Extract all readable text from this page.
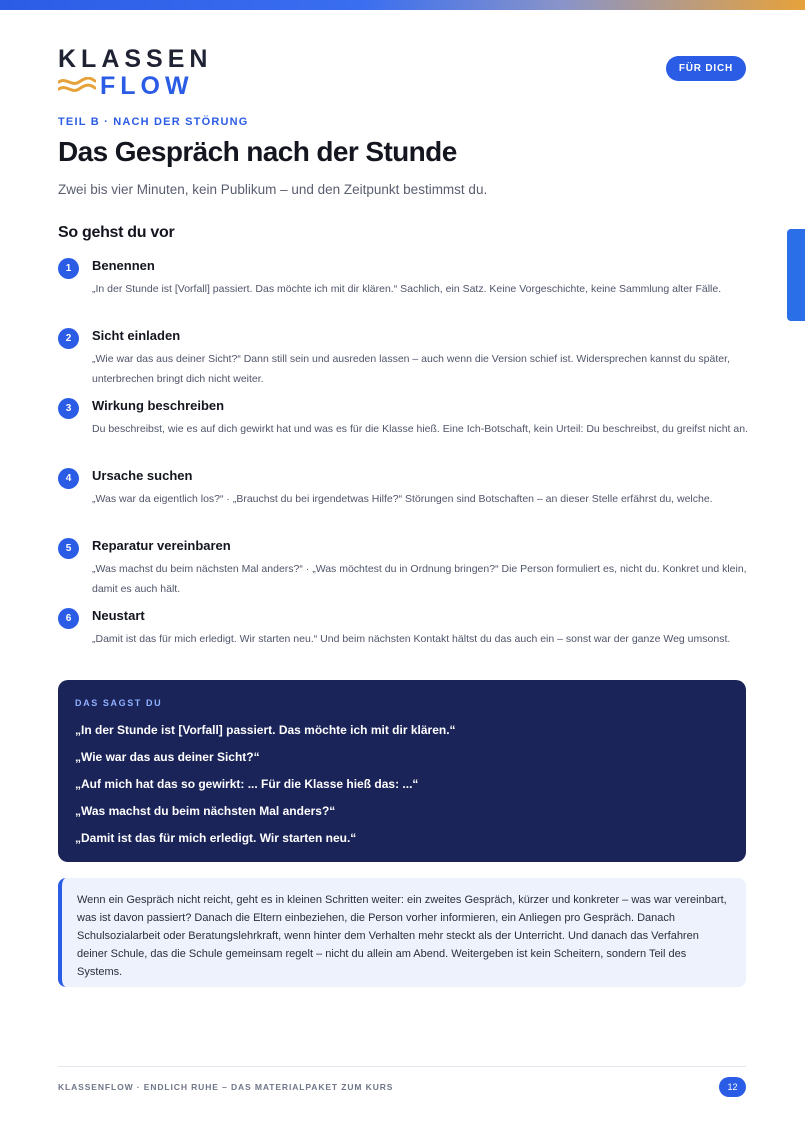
KLASSEN
FLOW
FÜR DICH
TEIL B · NACH DER STÖRUNG
Das Gespräch nach der Stunde

Zwei bis vier Minuten, kein Publikum – und den Zeitpunkt bestimmst du.

So gehst du vor
1	Benennen
„In der Stunde ist [Vorfall] passiert. Das möchte ich mit dir klären.“ Sachlich, ein Satz. Keine Vorgeschichte, keine Sammlung alter Fälle.
2	Sicht einladen
„Wie war das aus deiner Sicht?“ Dann still sein und ausreden lassen – auch wenn die Version schief ist. Widersprechen kannst du später, unterbrechen bringt dich nicht weiter.
3	Wirkung beschreiben
Du beschreibst, wie es auf dich gewirkt hat und was es für die Klasse hieß. Eine Ich-Botschaft, kein Urteil: Du beschreibst, du greifst nicht an.
4	Ursache suchen
„Was war da eigentlich los?“ · „Brauchst du bei irgendetwas Hilfe?“ Störungen sind Botschaften – an dieser Stelle erfährst du, welche.
5	Reparatur vereinbaren
„Was machst du beim nächsten Mal anders?“ · „Was möchtest du in Ordnung bringen?“ Die Person formuliert es, nicht du. Konkret und klein, damit es auch hält.
6	Neustart
„Damit ist das für mich erledigt. Wir starten neu.“ Und beim nächsten Kontakt hältst du das auch ein – sonst war der ganze Weg umsonst.
DAS SAGST DU
„In der Stunde ist [Vorfall] passiert. Das möchte ich mit dir klären.“
„Wie war das aus deiner Sicht?“
„Auf mich hat das so gewirkt: ... Für die Klasse hieß das: ...“
„Was machst du beim nächsten Mal anders?“
„Damit ist das für mich erledigt. Wir starten neu.“

Wenn ein Gespräch nicht reicht, geht es in kleinen Schritten weiter: ein zweites Gespräch, kürzer und konkreter – was war vereinbart, was ist davon passiert? Danach die Eltern einbeziehen, die Person vorher informieren, ein Anliegen pro Gespräch. Danach Schulsozialarbeit oder Beratungslehrkraft, wenn hinter dem Verhalten mehr steckt als der Unterricht. Und danach das Verfahren deiner Schule, das die Schule gemeinsam regelt – nicht du allein am Abend. Weitergeben ist kein Scheitern, sondern Teil des Systems.

KLASSENFLOW · ENDLICH RUHE – DAS MATERIALPAKET ZUM KURS	12
